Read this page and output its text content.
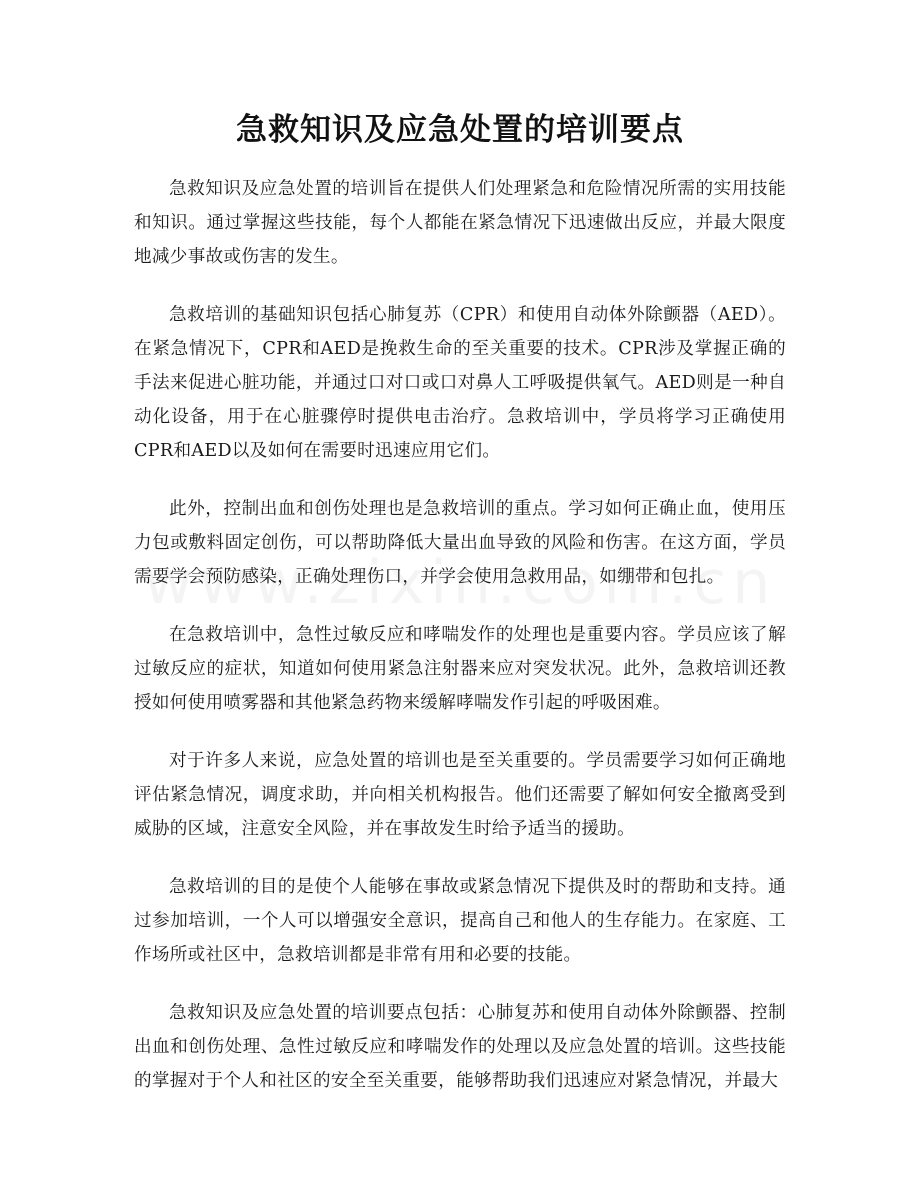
急救知识及应急处置的培训要点

急救知识及应急处置的培训旨在提供人们处理紧急和危险情况所需的实用技能和知识。通过掌握这些技能，每个人都能在紧急情况下迅速做出反应，并最大限度地减少事故或伤害的发生。

急救培训的基础知识包括心肺复苏（CPR）和使用自动体外除颤器（AED）。在紧急情况下，CPR和AED是挽救生命的至关重要的技术。CPR涉及掌握正确的手法来促进心脏功能，并通过口对口或口对鼻人工呼吸提供氧气。AED则是一种自动化设备，用于在心脏骤停时提供电击治疗。急救培训中，学员将学习正确使用CPR和AED以及如何在需要时迅速应用它们。

此外，控制出血和创伤处理也是急救培训的重点。学习如何正确止血，使用压力包或敷料固定创伤，可以帮助降低大量出血导致的风险和伤害。在这方面，学员需要学会预防感染，正确处理伤口，并学会使用急救用品，如绷带和包扎。

在急救培训中，急性过敏反应和哮喘发作的处理也是重要内容。学员应该了解过敏反应的症状，知道如何使用紧急注射器来应对突发状况。此外，急救培训还教授如何使用喷雾器和其他紧急药物来缓解哮喘发作引起的呼吸困难。

对于许多人来说，应急处置的培训也是至关重要的。学员需要学习如何正确地评估紧急情况，调度求助，并向相关机构报告。他们还需要了解如何安全撤离受到威胁的区域，注意安全风险，并在事故发生时给予适当的援助。

急救培训的目的是使个人能够在事故或紧急情况下提供及时的帮助和支持。通过参加培训，一个人可以增强安全意识，提高自己和他人的生存能力。在家庭、工作场所或社区中，急救培训都是非常有用和必要的技能。

急救知识及应急处置的培训要点包括：心肺复苏和使用自动体外除颤器、控制出血和创伤处理、急性过敏反应和哮喘发作的处理以及应急处置的培训。这些技能的掌握对于个人和社区的安全至关重要，能够帮助我们迅速应对紧急情况，并最大
